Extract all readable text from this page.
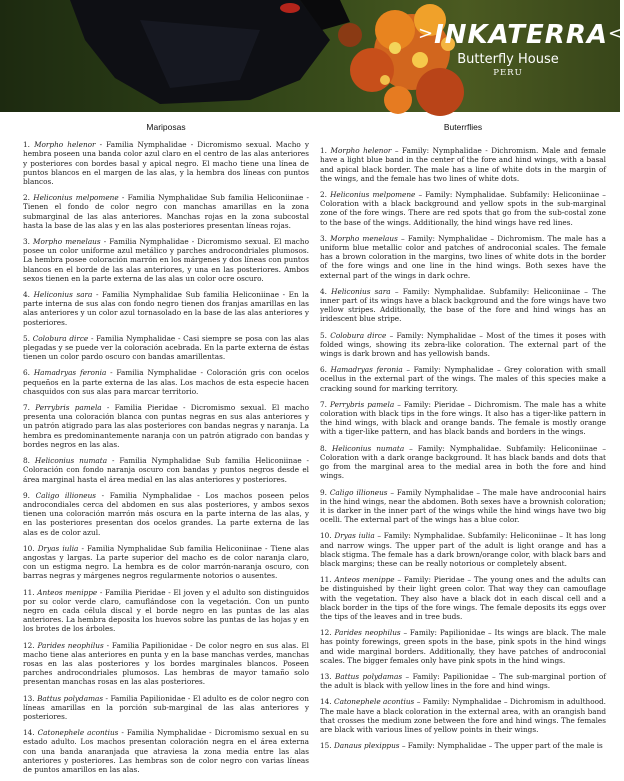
>INKATERRA<
Butterfly House
PERU
Mariposas

1. Morpho helenor - Familia Nymphalidae - Dicromismo sexual. Macho y hembra poseen una banda color azul claro en el centro de las alas anteriores y posteriores con bordes basal y apical negro. El macho tiene una línea de puntos blancos en el margen de las alas, y la hembra dos líneas con puntos blancos.

2. Heliconius melpomene - Familia Nymphalidae Sub familia Heliconiinae - Tienen el fondo de color negro con manchas amarillas en la zona submarginal de las alas anteriores. Manchas rojas en la zona subcostal hasta la base de las alas y en las alas posteriores presentan líneas rojas.

3. Morpho menelaus - Familia Nymphalidae - Dicromismo sexual. El macho posee un color uniforme azul metálico y parches androcondriales plumosos. La hembra posee coloración marrón en los márgenes y dos líneas con puntos blancos en el borde de las alas anteriores, y una en las posteriores. Ambos sexos tienen en la parte externa de las alas un color ocre oscuro.

4. Heliconius sara - Familia Nymphalidae Sub familia Heliconiinae - En la parte interna de sus alas con fondo negro tienen dos franjas amarillas en las alas anteriores y un color azul tornasolado en la base de las alas anteriores y posteriores.

5. Colobura dirce - Familia Nymphalidae - Casi siempre se posa con las alas plegadas y se puede ver la coloración acebrada. En la parte externa de éstas tienen un color pardo oscuro con bandas amarillentas.

6. Hamadryas feronia - Familia Nymphalidae - Coloración gris con ocelos pequeños en la parte externa de las alas. Los machos de esta especie hacen chasquidos con sus alas para marcar territorio.

7. Perrybris pamela - Familia Pieridae - Dicromismo sexual. El macho presenta una coloración blanca con puntas negras en sus alas anteriores y un patrón atigrado para las alas posteriores con bandas negras y naranja. La hembra es predominantemente naranja con un patrón atigrado con bandas y bordes negros en las alas.

8. Heliconius numata - Familia Nymphalidae Sub familia Heliconiinae - Coloración con fondo naranja oscuro con bandas y puntos negros desde el área marginal hasta el área medial en las alas anteriores y posteriores.

9. Caligo illioneus - Familia Nymphalidae - Los machos poseen pelos androcondiales cerca del abdomen en sus alas posteriores, y ambos sexos tienen una coloración marrón más oscura en la parte interna de las alas, y en las posteriores presentan dos ocelos grandes. La parte externa de las alas es de color azul.

10. Dryas iulia - Familia Nymphalidae Sub familia Heliconiinae - Tiene alas angostas y largas. La parte superior del macho es de color naranja claro, con un estigma negro. La hembra es de color marrón-naranja oscuro, con barras negras y márgenes negros regularmente notorios o ausentes.

11. Anteos menippe - Familia Pieridae - El joven y el adulto son distinguidos por su color verde claro, camuflándose con la vegetación. Con un punto negro en cada célula discal y el borde negro en las puntas de las alas anteriores. La hembra deposita los huevos sobre las puntas de las hojas y en los brotes de los árboles.

12. Parides neophilus - Familia Papilionidae - De color negro en sus alas. El macho tiene alas anteriores en punta y en la base manchas verdes, manchas rosas en las alas posteriores y los bordes marginales blancos. Poseen parches androcondriales plumosos. Las hembras de mayor tamaño solo presentan manchas rosas en las alas posteriores.

13. Battus polydamas - Familia Papilionidae - El adulto es de color negro con líneas amarillas en la porción sub-marginal de las alas anteriores y posteriores.

14. Catonephele acontius - Familia Nymphalidae - Dicromismo sexual en su estado adulto. Los machos presentan coloración negra en el área externa con una banda anaranjada que atraviesa la zona media entre las alas anteriores y posteriores. Las hembras son de color negro con varias líneas de puntos amarillos en las alas.

Buterrflies

1. Morpho helenor – Family: Nymphalidae - Dichromism. Male and female have a light blue band in the center of the fore and hind wings, with a basal and apical black border. The male has a line of white dots in the margin of the wings, and the female has two lines of white dots.

2. Heliconius melpomene – Family: Nymphalidae. Subfamily: Heliconiinae – Coloration with a black background and yellow spots in the sub-marginal zone of the fore wings. There are red spots that go from the sub-costal zone to the base of the wings. Additionally, the hind wings have red lines.

3. Morpho menelaus – Family: Nymphalidae – Dichromism. The male has a uniform blue metallic color and patches of androconial scales. The female has a brown coloration in the margins, two lines of white dots in the border of the fore wings and one line in the hind wings. Both sexes have the external part of the wings in dark ochre.

4. Heliconius sara – Family: Nymphalidae. Subfamily: Heliconiinae – The inner part of its wings have a black background and the fore wings have two yellow stripes. Additionally, the base of the fore and hind wings has an iridescent blue stripe.

5. Colobura dirce – Family: Nymphalidae – Most of the times it poses with folded wings, showing its zebra-like coloration. The external part of the wings is dark brown and has yellowish bands.

6. Hamadryas feronia – Family: Nymphalidae – Grey coloration with small ocellus in the external part of the wings. The males of this species make a cracking sound for marking territory.

7. Perrybris pamela – Family: Pieridae – Dichromism. The male has a white coloration with black tips in the fore wings. It also has a tiger-like pattern in the hind wings, with black and orange bands. The female is mostly orange with a tiger-like pattern, and has black bands and borders in the wings.

8. Heliconius numata – Family: Nymphalidae. Subfamily: Heliconiinae – Coloration with a dark orange background. It has black bands and dots that go from the marginal area to the medial area in both the fore and hind wings.

9. Caligo illioneus – Family Nymphalidae – The male have androconial hairs in the hind wings, near the abdomen. Both sexes have a brownish coloration; it is darker in the inner part of the wings while the hind wings have two big ocelli. The external part of the wings has a blue color.

10. Dryas iulia – Family: Nymphalidae. Subfamily: Heliconiinae – It has long and narrow wings. The upper part of the adult is light orange and has a black stigma. The female has a dark brown/orange color, with black bars and black margins; these can be really notorious or completely absent.

11. Anteos menippe – Family: Pieridae – The young ones and the adults can be distinguished by their light green color. That way they can camouflage with the vegetation. They also have a black dot in each discal cell and a black border in the tips of the fore wings. The female deposits its eggs over the tips of the leaves and in tree buds.

12. Parides neophilus – Family: Papilionidae – Its wings are black. The male has pointy forewings, green spots in the base, pink spots in the hind wings and wide marginal borders. Additionally, they have patches of androconial scales. The bigger females only have pink spots in the hind wings.

13. Battus polydamas – Family: Papilionidae – The sub-marginal portion of the adult is black with yellow lines in the fore and hind wings.

14. Catonephele acontius – Family: Nymphalidae – Dichromism in adulthood. The male have a black coloration in the external area, with an orangish band that crosses the medium zone between the fore and hind wings. The females are black with various lines of yellow points in their wings.

15. Danaus plexippus – Family: Nymphalidae – The upper part of the male is
